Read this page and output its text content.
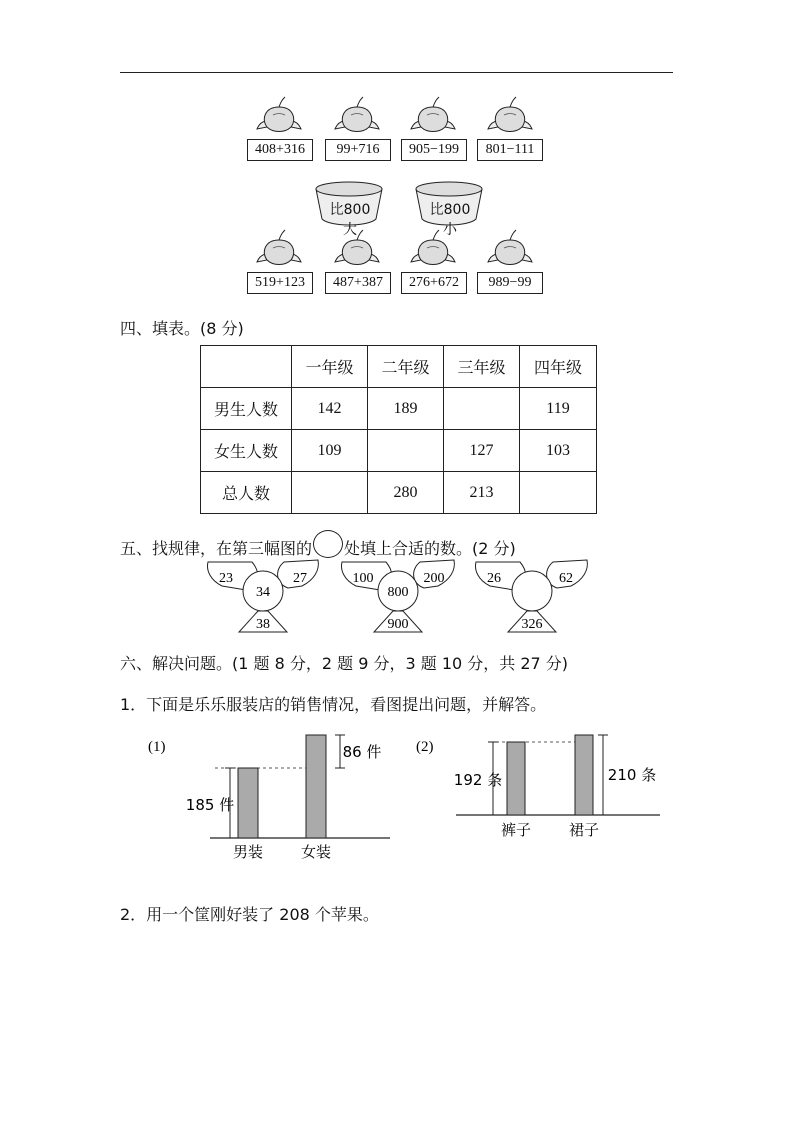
408+316	99+716	905−199	801−111
比800大
比800小
519+123	487+387	276+672	989−99
四、填表。(8 分)
	一年级	二年级	三年级	四年级
男生人数	142	189		119
女生人数	109		127	103
总人数		280	213	
五、找规律，在第三幅图的 处填上合适的数。(2 分)
23	27
34
38
100	200
800
900
26	62
326
六、解决问题。(1 题 8 分，2 题 9 分，3 题 10 分，共 27 分)
1．下面是乐乐服装店的销售情况，看图提出问题，并解答。
(1)
185 件
86 件
男装	女装
(2)
192 条	210 条
裤子	裙子
2．用一个筐刚好装了 208 个苹果。
